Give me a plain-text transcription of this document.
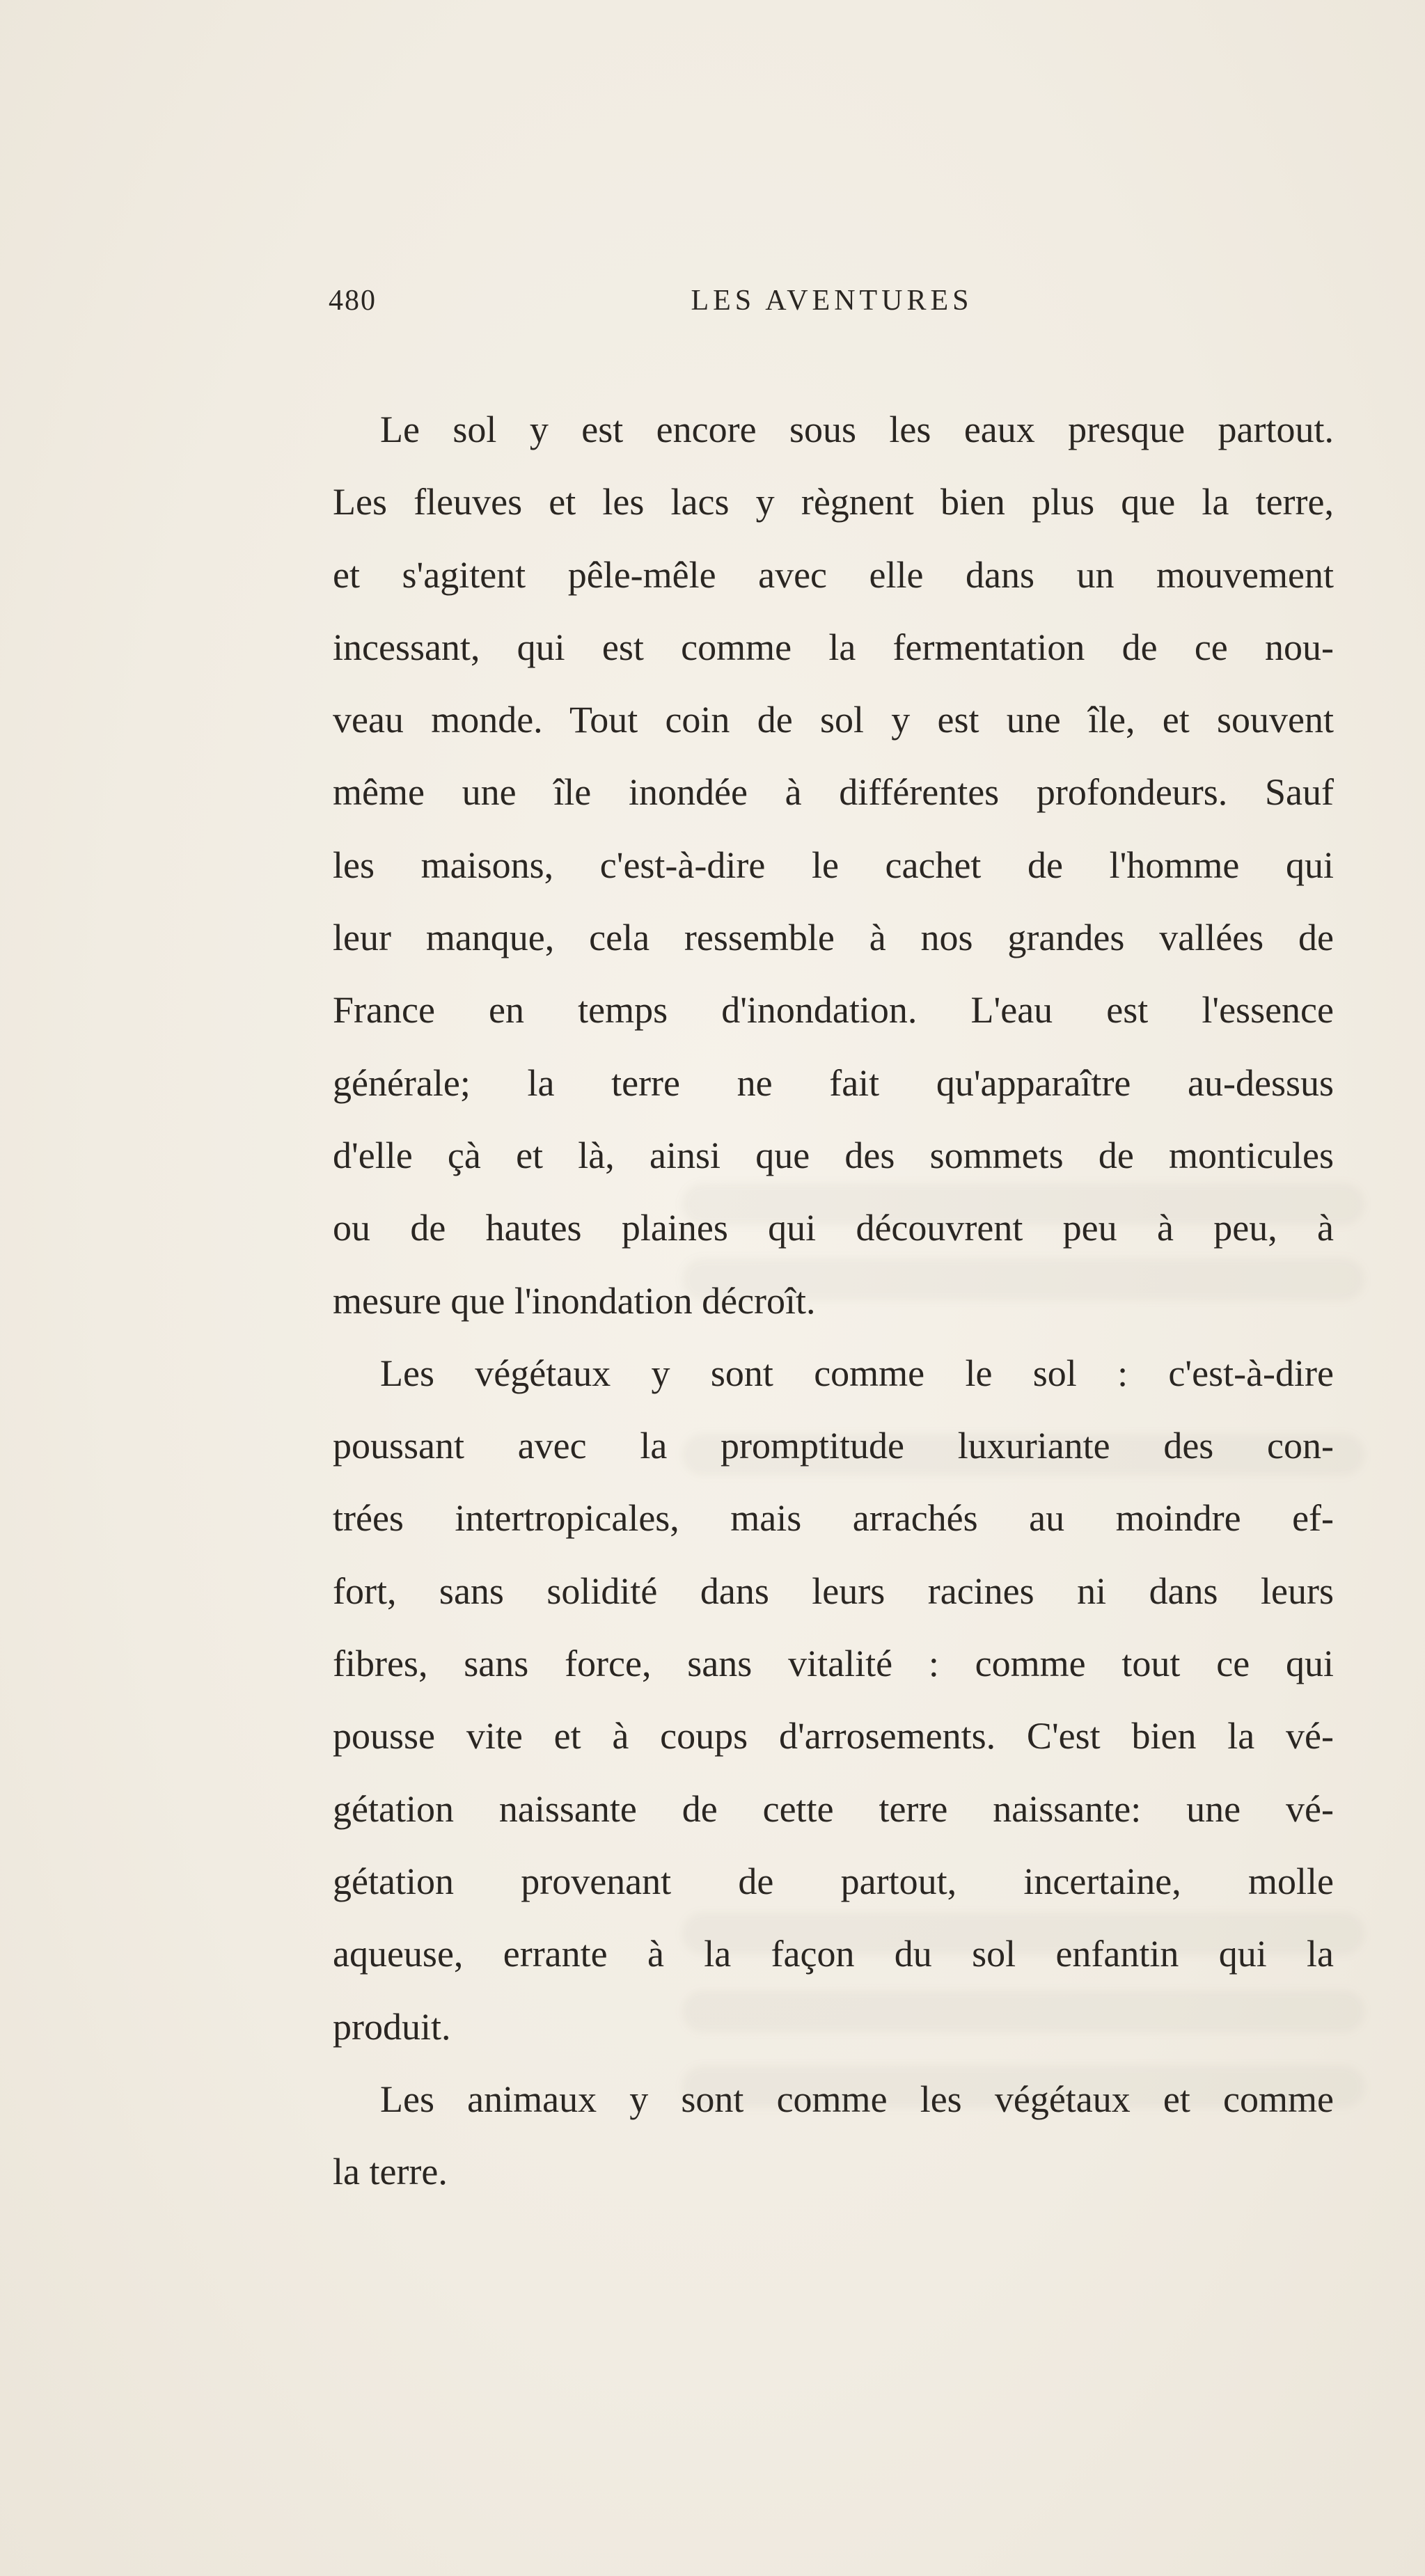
480	LES AVENTURES
Le sol y est encore sous les eaux presque partout.
Les fleuves et les lacs y règnent bien plus que la terre,
et s'agitent pêle-mêle avec elle dans un mouvement
incessant, qui est comme la fermentation de ce nou-
veau monde. Tout coin de sol y est une île, et souvent
même une île inondée à différentes profondeurs. Sauf
les maisons, c'est-à-dire le cachet de l'homme qui
leur manque, cela ressemble à nos grandes vallées de
France en temps d'inondation. L'eau est l'essence
générale; la terre ne fait qu'apparaître au-dessus
d'elle çà et là, ainsi que des sommets de monticules
ou de hautes plaines qui découvrent peu à peu, à
mesure que l'inondation décroît.
Les végétaux y sont comme le sol : c'est-à-dire
poussant avec la promptitude luxuriante des con-
trées intertropicales, mais arrachés au moindre ef-
fort, sans solidité dans leurs racines ni dans leurs
fibres, sans force, sans vitalité : comme tout ce qui
pousse vite et à coups d'arrosements. C'est bien la vé-
gétation naissante de cette terre naissante: une vé-
gétation provenant de partout, incertaine, molle
aqueuse, errante à la façon du sol enfantin qui la
produit.
Les animaux y sont comme les végétaux et comme
la terre.
